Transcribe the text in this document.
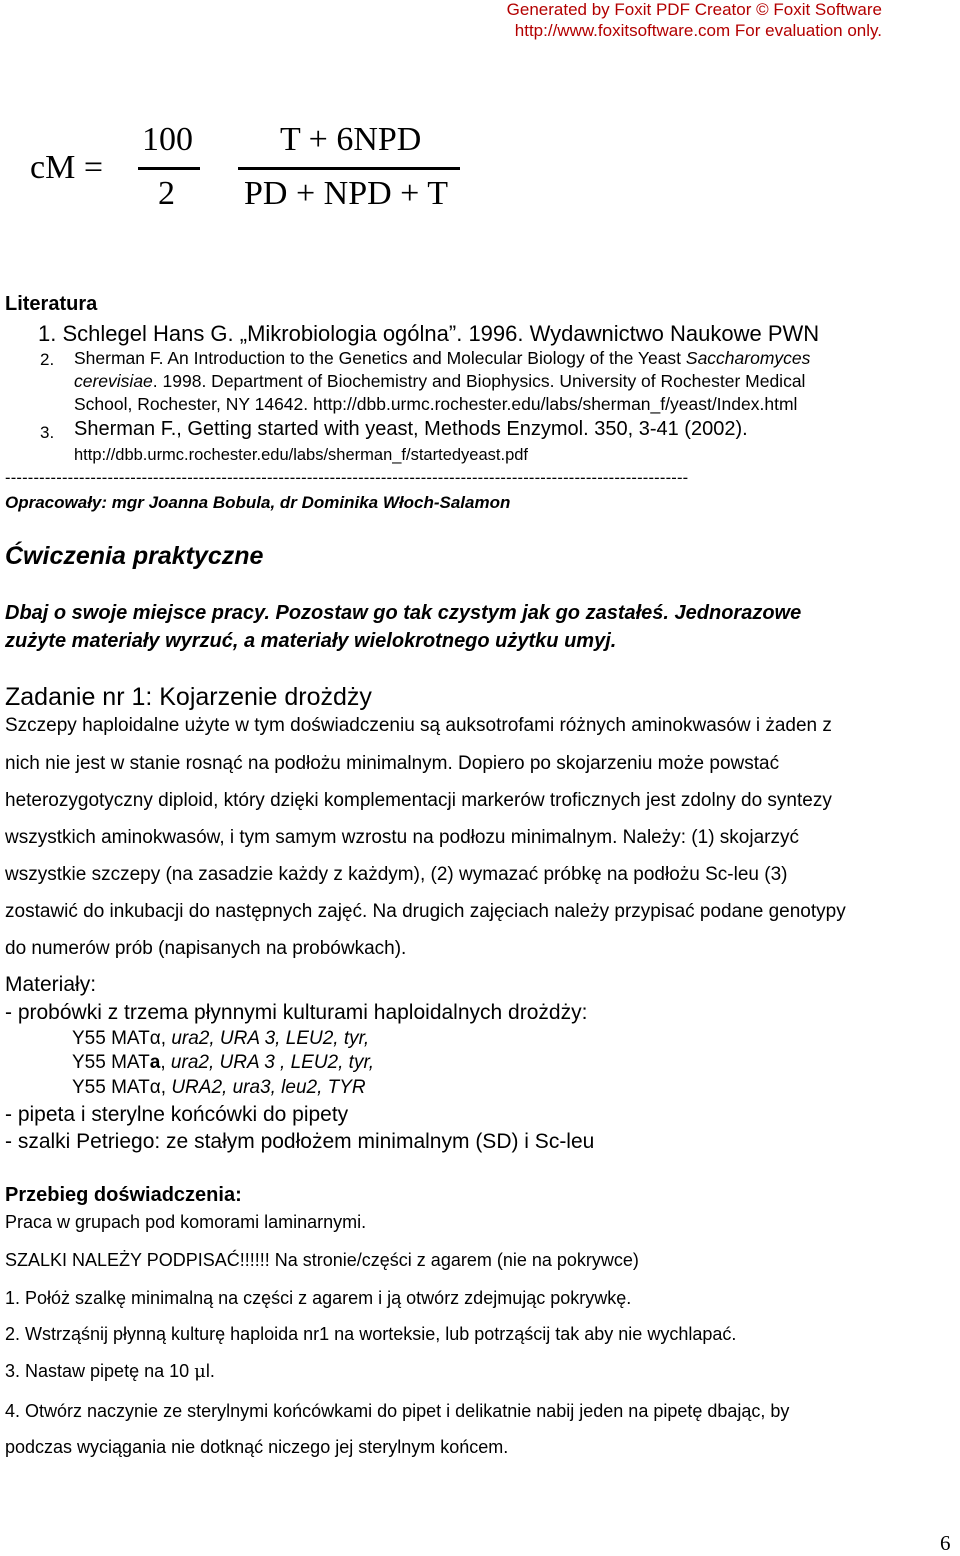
Generated by Foxit PDF Creator © Foxit Software
http://www.foxitsoftware.com For evaluation only.
cM =
100
2
T + 6NPD
PD + NPD + T
Literatura
1. Schlegel Hans G. „Mikrobiologia ogólna”. 1996. Wydawnictwo Naukowe PWN
2. Sherman F. An Introduction to the Genetics and Molecular Biology of the Yeast Saccharomyces
cerevisiae. 1998. Department of Biochemistry and Biophysics. University of Rochester Medical
School, Rochester, NY 14642. http://dbb.urmc.rochester.edu/labs/sherman_f/yeast/Index.html
3. Sherman F., Getting started with yeast, Methods Enzymol. 350, 3-41 (2002).
http://dbb.urmc.rochester.edu/labs/sherman_f/startedyeast.pdf
------------------------------------------------------------------------------------------------------------------------
Opracowały: mgr Joanna Bobula, dr Dominika Włoch-Salamon
Ćwiczenia praktyczne
Dbaj o swoje miejsce pracy. Pozostaw go tak czystym jak go zastałeś. Jednorazowe
zużyte materiały wyrzuć, a materiały wielokrotnego użytku umyj.
Zadanie nr 1: Kojarzenie drożdży
Szczepy haploidalne użyte w tym doświadczeniu są auksotrofami różnych aminokwasów i żaden z
nich nie jest w stanie rosnąć na podłożu minimalnym. Dopiero po skojarzeniu może powstać
heterozygotyczny diploid, który dzięki komplementacji markerów troficznych jest zdolny do syntezy
wszystkich aminokwasów, i tym samym wzrostu na podłozu minimalnym. Należy: (1) skojarzyć
wszystkie szczepy (na zasadzie każdy z każdym), (2) wymazać próbkę na podłożu Sc-leu (3)
zostawić do inkubacji do następnych zajęć. Na drugich zajęciach należy przypisać podane genotypy
do numerów prób (napisanych na probówkach).
Materiały:
- probówki z trzema płynnymi kulturami haploidalnych drożdży:
Y55 MATα, ura2, URA 3, LEU2, tyr,
Y55 MATa, ura2, URA 3 , LEU2, tyr,
Y55 MATα, URA2, ura3, leu2, TYR
- pipeta i sterylne końcówki do pipety
- szalki Petriego: ze stałym podłożem minimalnym (SD) i Sc-leu
Przebieg doświadczenia:
Praca w grupach pod komorami laminarnymi.
SZALKI NALEŻY PODPISAĆ!!!!!! Na stronie/części z agarem (nie na pokrywce)
1. Połóż szalkę minimalną na części z agarem i ją otwórz zdejmując pokrywkę.
2. Wstrząśnij płynną kulturę haploida nr1 na worteksie, lub potrząścij tak aby nie wychlapać.
3. Nastaw pipetę na 10 μl.
4. Otwórz naczynie ze sterylnymi końcówkami do pipet i delikatnie nabij jeden na pipetę dbając, by
podczas wyciągania nie dotknąć niczego jej sterylnym końcem.
6
